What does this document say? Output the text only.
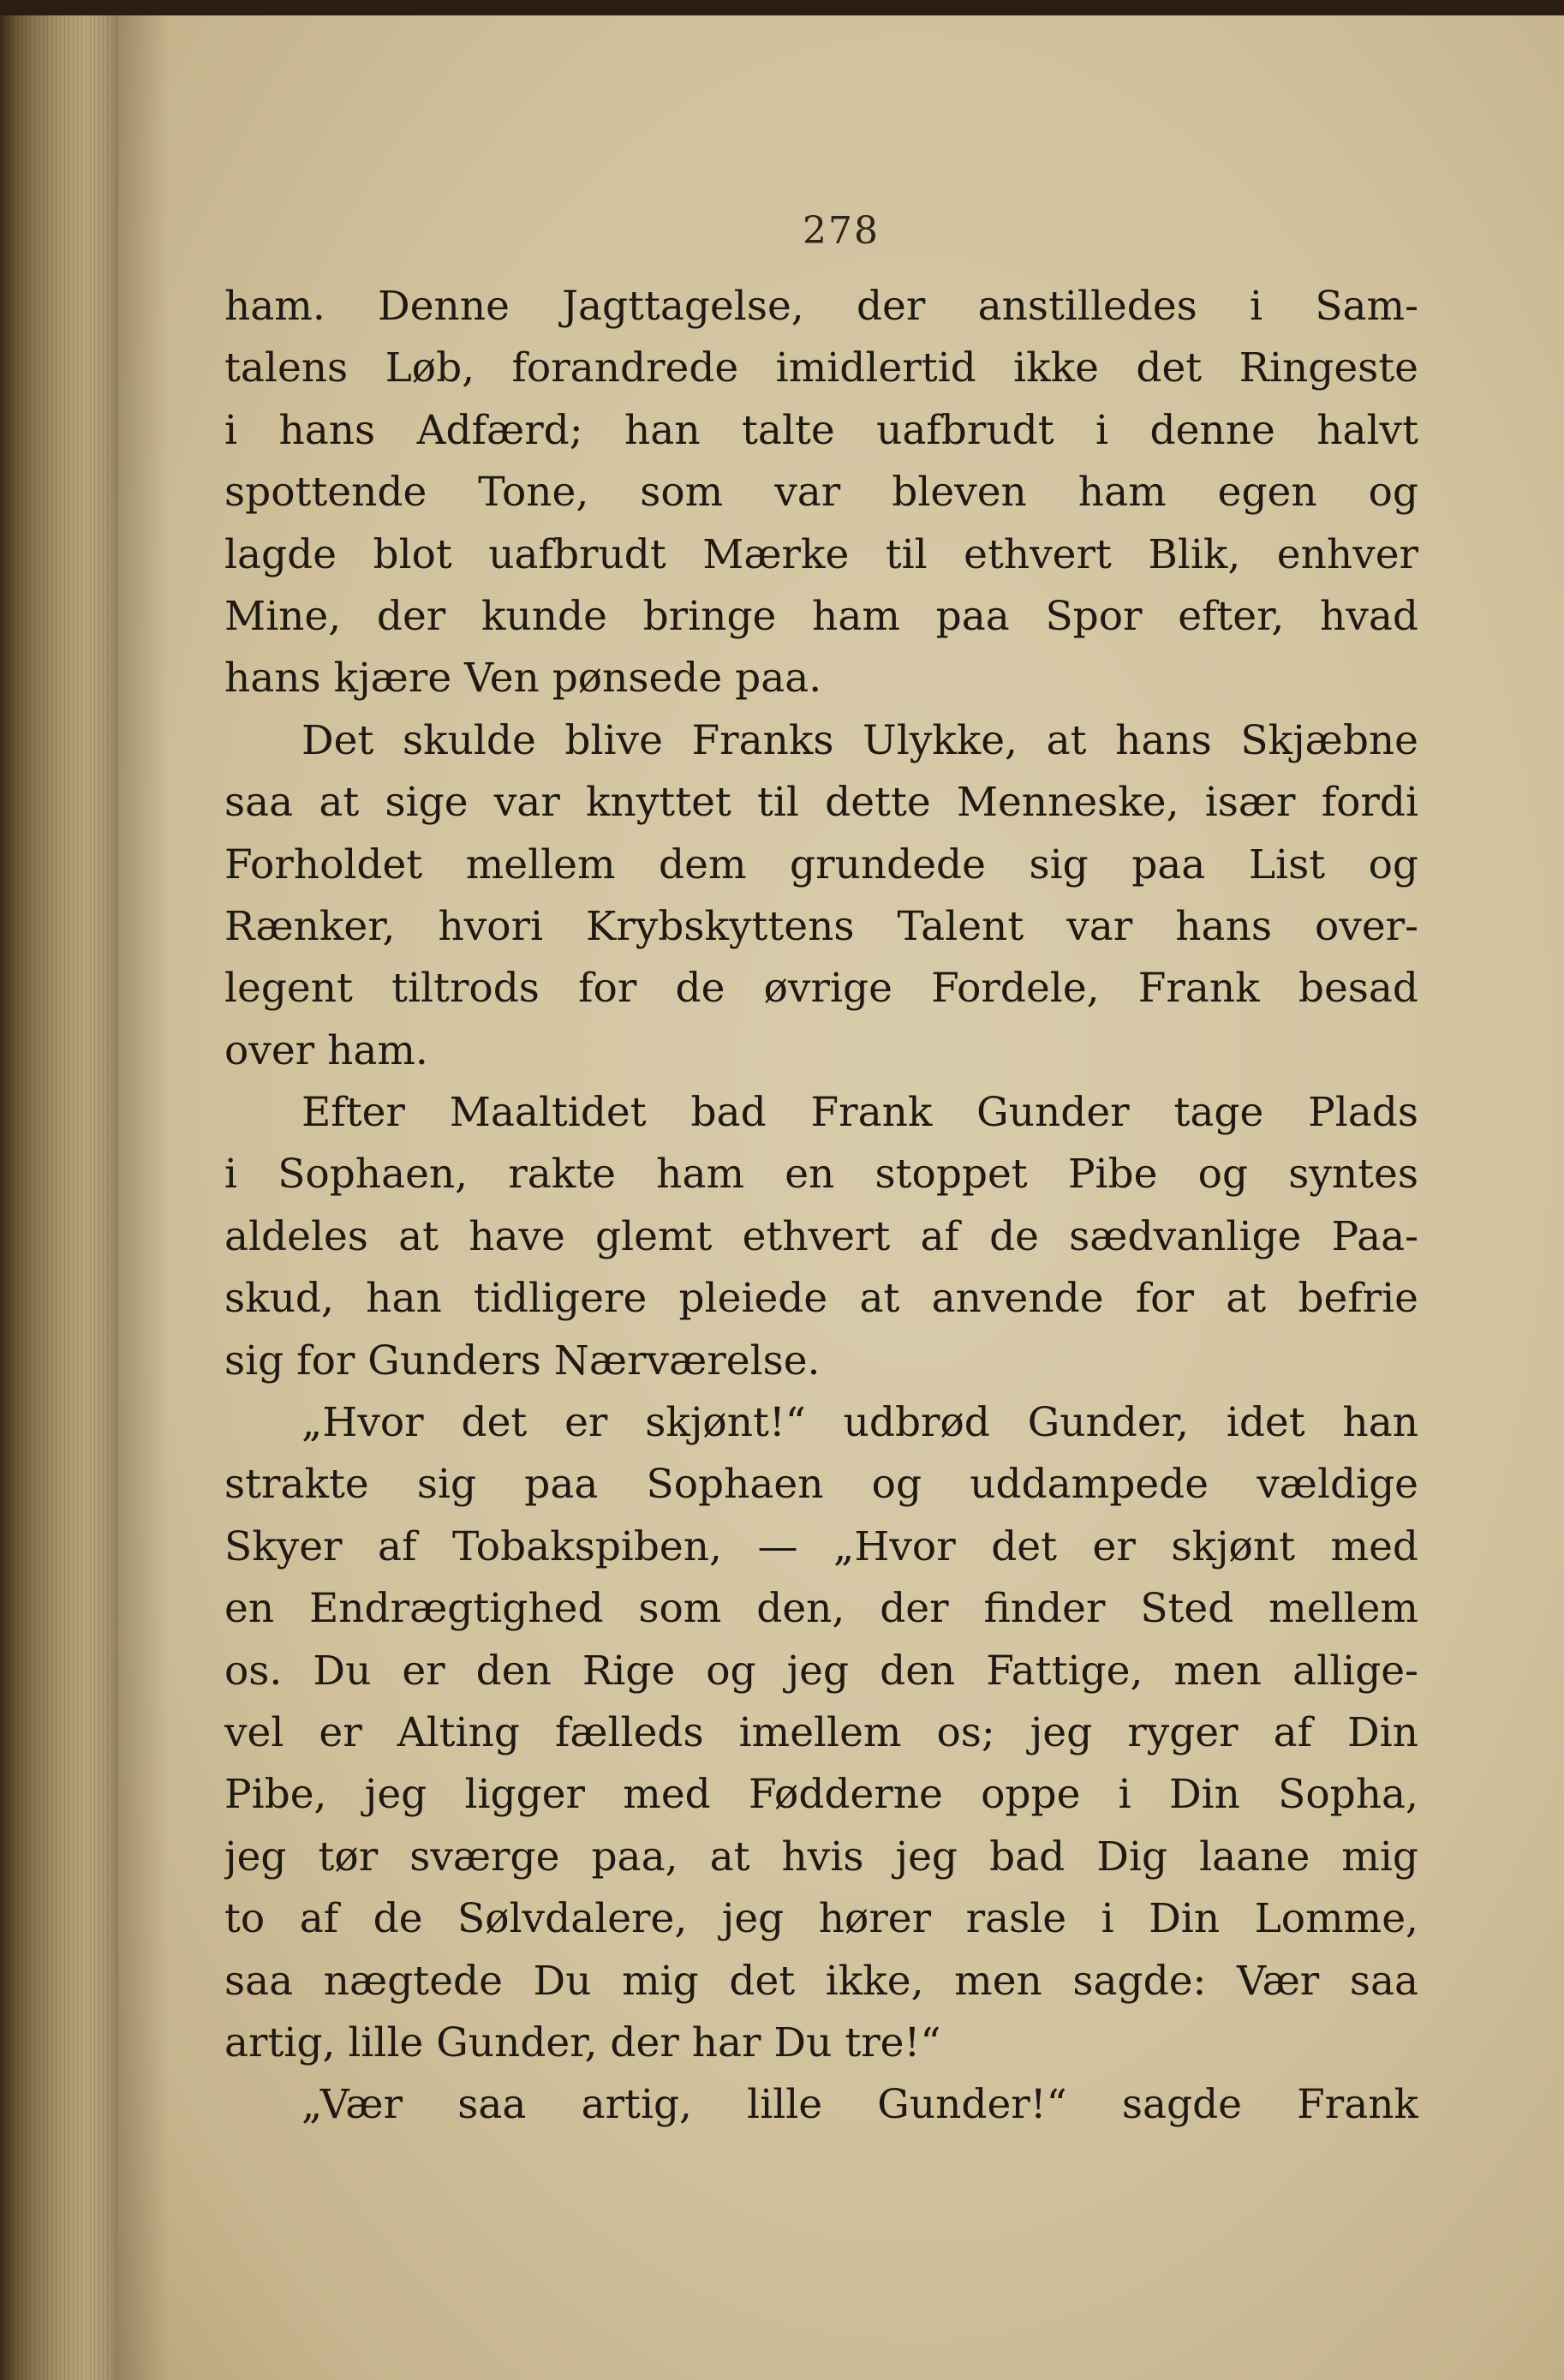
278
ham. Denne Jagttagelse, der anstilledes i Sam-
talens Løb, forandrede imidlertid ikke det Ringeste
i hans Adfærd; han talte uafbrudt i denne halvt
spottende Tone, som var bleven ham egen og
lagde blot uafbrudt Mærke til ethvert Blik, enhver
Mine, der kunde bringe ham paa Spor efter, hvad
hans kjære Ven pønsede paa.
Det skulde blive Franks Ulykke, at hans Skjæbne
saa at sige var knyttet til dette Menneske, især fordi
Forholdet mellem dem grundede sig paa List og
Rænker, hvori Krybskyttens Talent var hans over-
legent tiltrods for de øvrige Fordele, Frank besad
over ham.
Efter Maaltidet bad Frank Gunder tage Plads
i Sophaen, rakte ham en stoppet Pibe og syntes
aldeles at have glemt ethvert af de sædvanlige Paa-
skud, han tidligere pleiede at anvende for at befrie
sig for Gunders Nærværelse.
„Hvor det er skjønt!“ udbrød Gunder, idet han
strakte sig paa Sophaen og uddampede vældige
Skyer af Tobakspiben, — „Hvor det er skjønt med
en Endrægtighed som den, der finder Sted mellem
os. Du er den Rige og jeg den Fattige, men allige-
vel er Alting fælleds imellem os; jeg ryger af Din
Pibe, jeg ligger med Fødderne oppe i Din Sopha,
jeg tør sværge paa, at hvis jeg bad Dig laane mig
to af de Sølvdalere, jeg hører rasle i Din Lomme,
saa nægtede Du mig det ikke, men sagde: Vær saa
artig, lille Gunder, der har Du tre!“
„Vær saa artig, lille Gunder!“ sagde Frank
